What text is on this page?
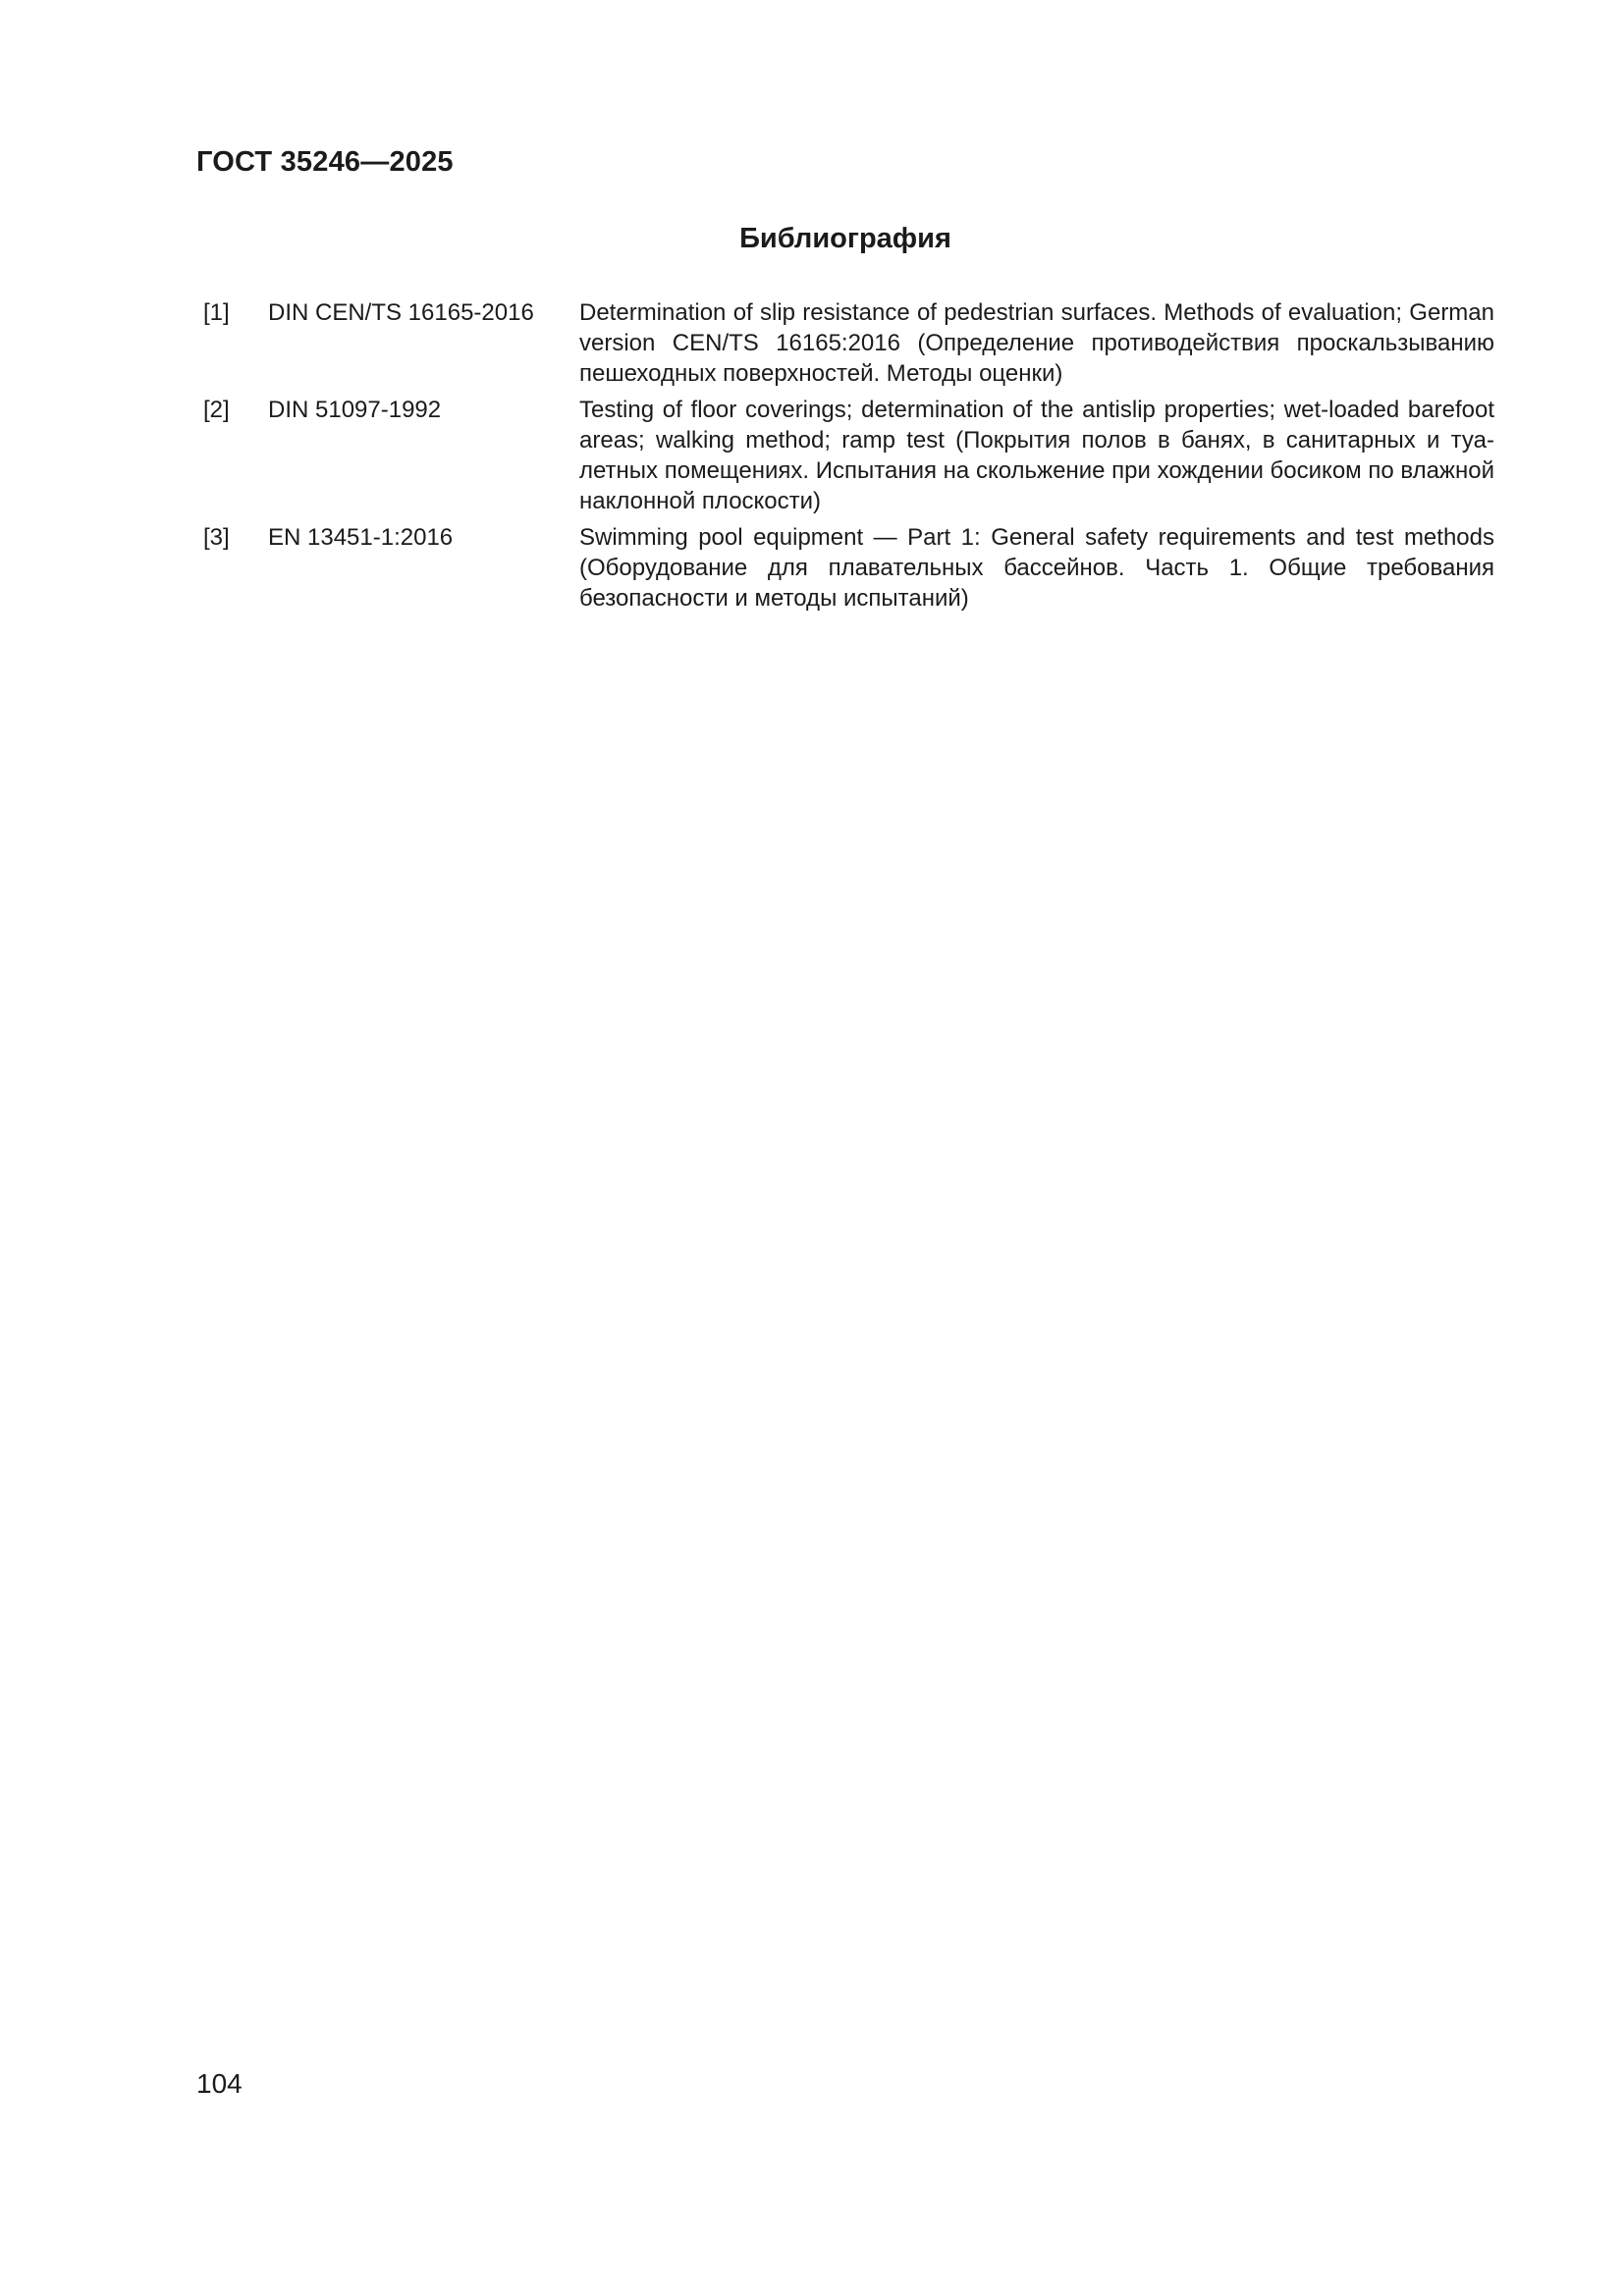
ГОСТ 35246—2025
Библиография
[1]	DIN CEN/TS 16165-2016	Determination of slip resistance of pedestrian surfaces. Methods of evaluation; German version CEN/TS 16165:2016 (Определение противодействия проскальзыванию пешеходных поверхностей. Методы оценки)
[2]	DIN 51097-1992	Testing of floor coverings; determination of the antislip properties; wet-loaded barefoot areas; walking method; ramp test (Покрытия полов в банях, в санитарных и туалетных помещениях. Испытания на скольжение при хождении босиком по влажной наклонной плоскости)
[3]	EN 13451-1:2016	Swimming pool equipment — Part 1: General safety requirements and test methods (Оборудование для плавательных бассейнов. Часть 1. Общие требования безопасности и методы испытаний)
104
